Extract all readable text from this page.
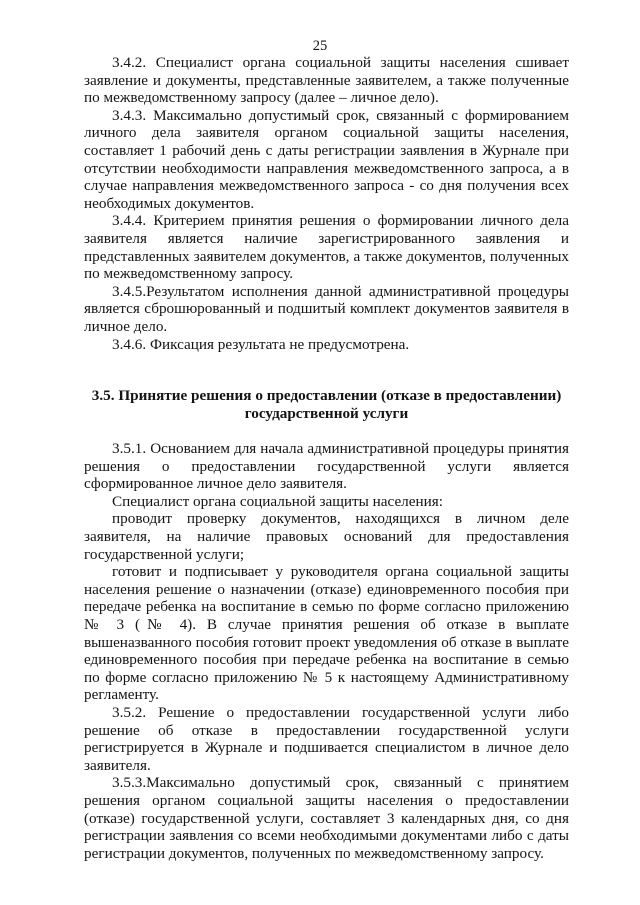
25

3.4.2. Специалист органа социальной защиты населения сшивает заявление и документы, представленные заявителем, а также полученные по межведомственному запросу (далее – личное дело).

3.4.3. Максимально допустимый срок, связанный с формированием личного дела заявителя органом социальной защиты населения, составляет 1 рабочий день с даты регистрации заявления в Журнале при отсутствии необходимости направления межведомственного запроса, а в случае направления межведомственного запроса - со дня получения всех необходимых документов.

3.4.4. Критерием принятия решения о формировании личного дела заявителя является наличие зарегистрированного заявления и представленных заявителем документов, а также документов, полученных по межведомственному запросу.

3.4.5.Результатом исполнения данной административной процедуры является сброшюрованный и подшитый комплект документов заявителя в личное дело.

3.4.6. Фиксация результата не предусмотрена.

3.5. Принятие решения о предоставлении (отказе в предоставлении)
государственной услуги

3.5.1. Основанием для начала административной процедуры принятия решения о предоставлении государственной услуги является сформированное личное дело заявителя.

Специалист органа социальной защиты населения:

проводит проверку документов, находящихся в личном деле заявителя, на наличие правовых оснований для предоставления государственной услуги;

готовит и подписывает у руководителя органа социальной защиты населения решение о назначении (отказе) единовременного пособия при передаче ребенка на воспитание в семью по форме согласно приложению № 3 (№ 4). В случае принятия решения об отказе в выплате вышеназванного пособия готовит проект уведомления об отказе в выплате единовременного пособия при передаче ребенка на воспитание в семью по форме согласно приложению № 5 к настоящему Административному регламенту.

3.5.2. Решение о предоставлении государственной услуги либо решение об отказе в предоставлении государственной услуги регистрируется в Журнале и подшивается специалистом в личное дело заявителя.

3.5.3.Максимально допустимый срок, связанный с принятием решения органом социальной защиты населения о предоставлении (отказе) государственной услуги, составляет 3 календарных дня, со дня регистрации заявления со всеми необходимыми документами либо с даты регистрации документов, полученных по межведомственному запросу.
